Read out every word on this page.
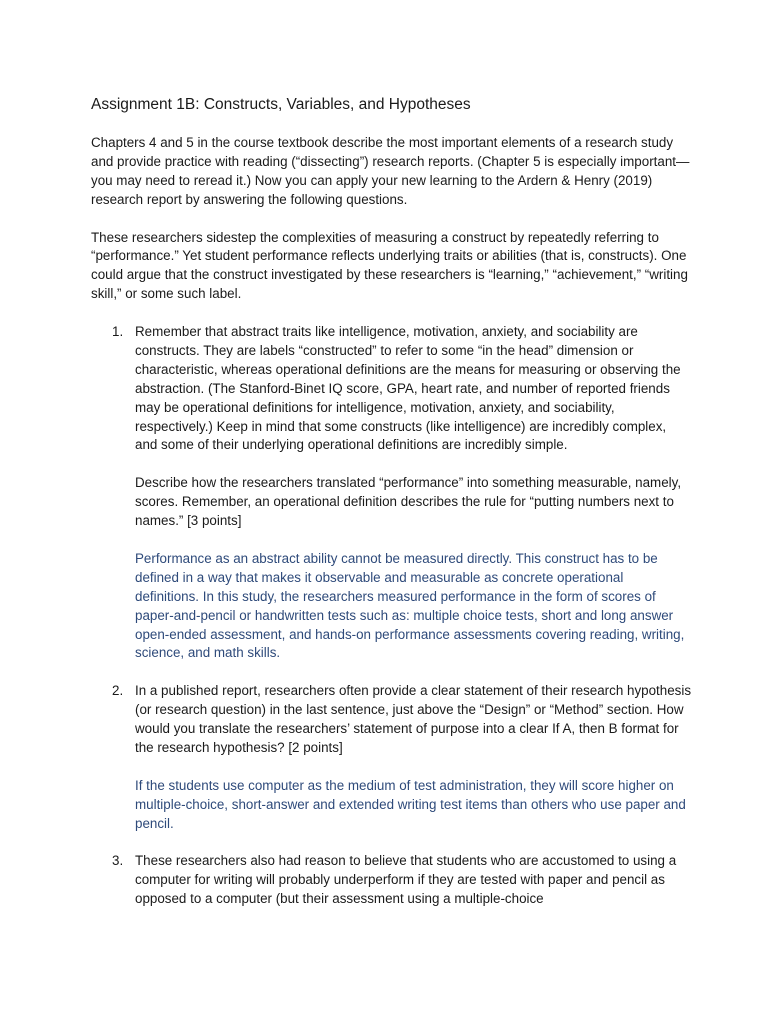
Assignment 1B: Constructs, Variables, and Hypotheses

Chapters 4 and 5 in the course textbook describe the most important elements of a research study and provide practice with reading (“dissecting”) research reports. (Chapter 5 is especially important—you may need to reread it.) Now you can apply your new learning to the Ardern & Henry (2019) research report by answering the following questions.

These researchers sidestep the complexities of measuring a construct by repeatedly referring to “performance.” Yet student performance reflects underlying traits or abilities (that is, constructs). One could argue that the construct investigated by these researchers is “learning,” “achievement,” “writing skill,” or some such label.

1. Remember that abstract traits like intelligence, motivation, anxiety, and sociability are constructs. They are labels “constructed” to refer to some “in the head” dimension or characteristic, whereas operational definitions are the means for measuring or observing the abstraction. (The Stanford-Binet IQ score, GPA, heart rate, and number of reported friends may be operational definitions for intelligence, motivation, anxiety, and sociability, respectively.) Keep in mind that some constructs (like intelligence) are incredibly complex, and some of their underlying operational definitions are incredibly simple.

Describe how the researchers translated “performance” into something measurable, namely, scores. Remember, an operational definition describes the rule for “putting numbers next to names.” [3 points]

Performance as an abstract ability cannot be measured directly. This construct has to be defined in a way that makes it observable and measurable as concrete operational definitions. In this study, the researchers measured performance in the form of scores of paper-and-pencil or handwritten tests such as: multiple choice tests, short and long answer open-ended assessment, and hands-on performance assessments covering reading, writing, science, and math skills.

2. In a published report, researchers often provide a clear statement of their research hypothesis (or research question) in the last sentence, just above the “Design” or “Method” section. How would you translate the researchers’ statement of purpose into a clear If A, then B format for the research hypothesis? [2 points]

If the students use computer as the medium of test administration, they will score higher on multiple-choice, short-answer and extended writing test items than others who use paper and pencil.

3. These researchers also had reason to believe that students who are accustomed to using a computer for writing will probably underperform if they are tested with paper and pencil as opposed to a computer (but their assessment using a multiple-choice
